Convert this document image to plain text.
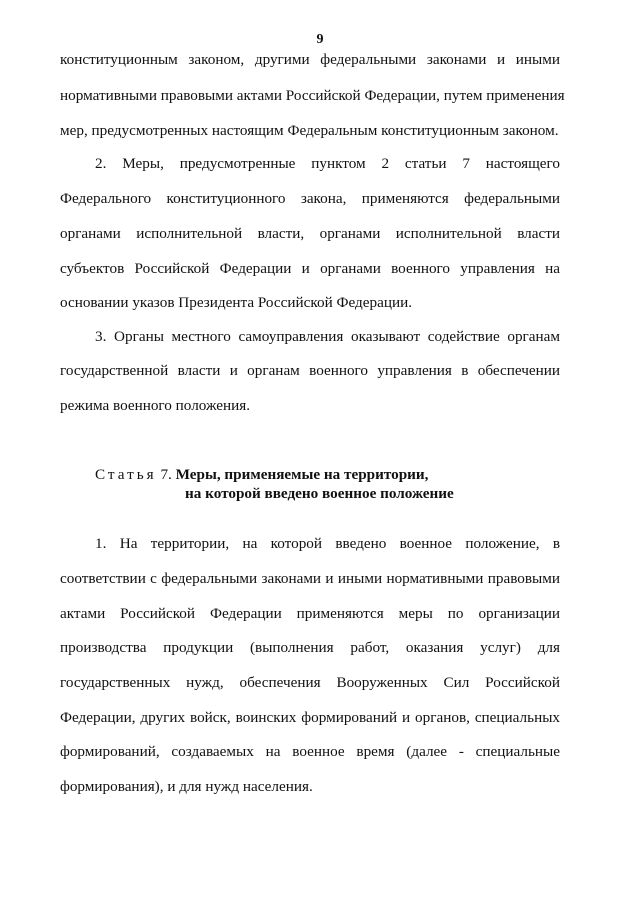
9
конституционным законом, другими федеральными законами и иными
нормативными правовыми актами Российской Федерации, путем применения
мер, предусмотренных настоящим Федеральным конституционным законом.
2. Меры, предусмотренные пунктом 2 статьи 7 настоящего
Федерального конституционного закона, применяются федеральными
органами исполнительной власти, органами исполнительной власти
субъектов Российской Федерации и органами военного управления на
основании указов Президента Российской Федерации.
3. Органы местного самоуправления оказывают содействие органам
государственной власти и органам военного управления в обеспечении
режима военного положения.
Статья 7. Меры, применяемые на территории,
на которой введено военное положение
1. На территории, на которой введено военное положение, в
соответствии с федеральными законами и иными нормативными правовыми
актами Российской Федерации применяются меры по организации
производства продукции (выполнения работ, оказания услуг) для
государственных нужд, обеспечения Вооруженных Сил Российской
Федерации, других войск, воинских формирований и органов, специальных
формирований, создаваемых на военное время (далее - специальные
формирования), и для нужд населения.
